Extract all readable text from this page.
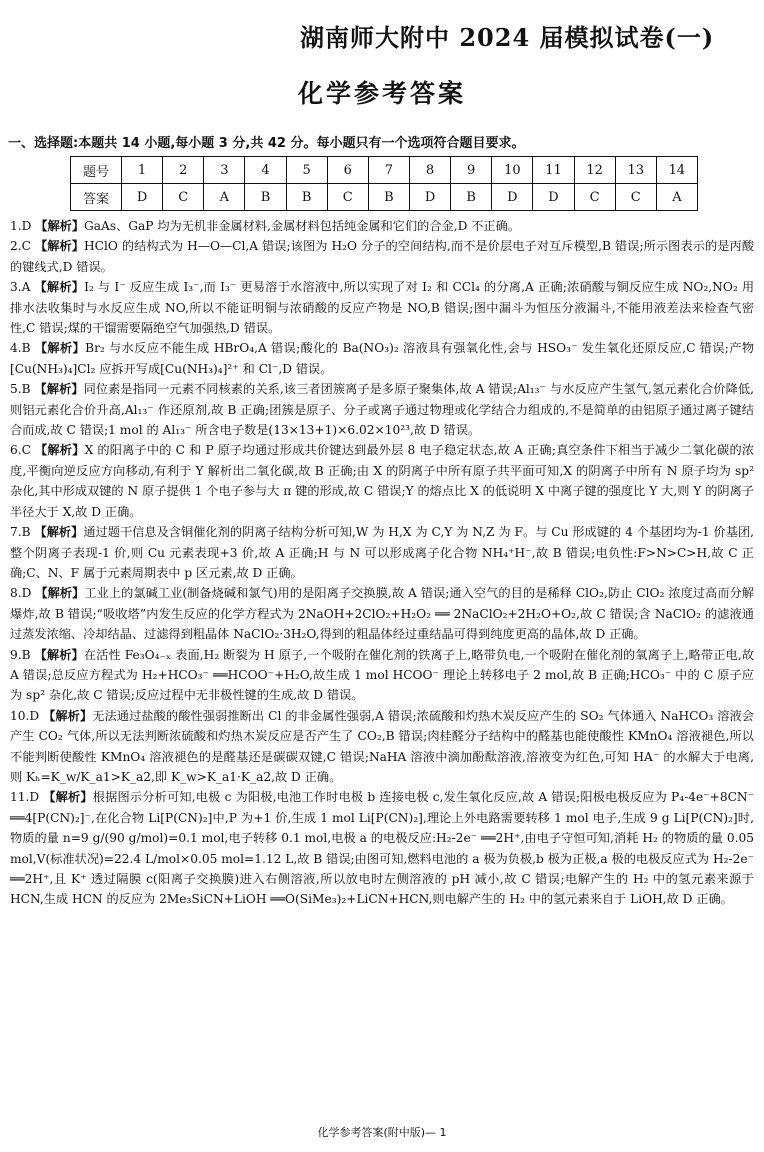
湖南师大附中 2024 届模拟试卷(一)
化学参考答案
一、选择题:本题共 14 小题,每小题 3 分,共 42 分。每小题只有一个选项符合题目要求。
题号	1	2	3	4	5	6	7	8	9	10	11	12	13	14
答案	D	C	A	B	B	C	B	D	B	D	D	C	C	A
1.D 【解析】GaAs、GaP 均为无机非金属材料,金属材料包括纯金属和它们的合金,D 不正确。
2.C 【解析】HClO 的结构式为 H—O—Cl,A 错误;该图为 H₂O 分子的空间结构,而不是价层电子对互斥模型,B 错误;所示图表示的是丙酸的键线式,D 错误。
3.A 【解析】I₂ 与 I⁻ 反应生成 I₃⁻,而 I₃⁻ 更易溶于水溶液中,所以实现了对 I₂ 和 CCl₄ 的分离,A 正确;浓硝酸与铜反应生成 NO₂,NO₂ 用排水法收集时与水反应生成 NO,所以不能证明铜与浓硝酸的反应产物是 NO,B 错误;图中漏斗为恒压分液漏斗,不能用液差法来检查气密性,C 错误;煤的干馏需要隔绝空气加强热,D 错误。
4.B 【解析】Br₂ 与水反应不能生成 HBrO₄,A 错误;酸化的 Ba(NO₃)₂ 溶液具有强氧化性,会与 HSO₃⁻ 发生氧化还原反应,C 错误;产物[Cu(NH₃)₄]Cl₂ 应拆开写成[Cu(NH₃)₄]²⁺ 和 Cl⁻,D 错误。
5.B 【解析】同位素是指同一元素不同核素的关系,该三者团簇离子是多原子聚集体,故 A 错误;Al₁₃⁻ 与水反应产生氢气,氢元素化合价降低,则铝元素化合价升高,Al₁₃⁻ 作还原剂,故 B 正确;团簇是原子、分子或离子通过物理或化学结合力组成的,不是简单的由铝原子通过离子键结合而成,故 C 错误;1 mol 的 Al₁₃⁻ 所含电子数是(13×13+1)×6.02×10²³,故 D 错误。
6.C 【解析】X 的阳离子中的 C 和 P 原子均通过形成共价键达到最外层 8 电子稳定状态,故 A 正确;真空条件下相当于减少二氧化碳的浓度,平衡向逆反应方向移动,有利于 Y 解析出二氧化碳,故 B 正确;由 X 的阴离子中所有原子共平面可知,X 的阴离子中所有 N 原子均为 sp² 杂化,其中形成双键的 N 原子提供 1 个电子参与大 π 键的形成,故 C 错误;Y 的熔点比 X 的低说明 X 中离子键的强度比 Y 大,则 Y 的阴离子半径大于 X,故 D 正确。
7.B 【解析】通过题干信息及含铜催化剂的阴离子结构分析可知,W 为 H,X 为 C,Y 为 N,Z 为 F。与 Cu 形成键的 4 个基团均为-1 价基团,整个阴离子表现-1 价,则 Cu 元素表现+3 价,故 A 正确;H 与 N 可以形成离子化合物 NH₄⁺H⁻,故 B 错误;电负性:F>N>C>H,故 C 正确;C、N、F 属于元素周期表中 p 区元素,故 D 正确。
8.D 【解析】工业上的氯碱工业(制备烧碱和氯气)用的是阳离子交换膜,故 A 错误;通入空气的目的是稀释 ClO₂,防止 ClO₂ 浓度过高而分解爆炸,故 B 错误;“吸收塔”内发生反应的化学方程式为 2NaOH+2ClO₂+H₂O₂ ══ 2NaClO₂+2H₂O+O₂,故 C 错误;含 NaClO₂ 的滤液通过蒸发浓缩、冷却结晶、过滤得到粗晶体 NaClO₂·3H₂O,得到的粗晶体经过重结晶可得到纯度更高的晶体,故 D 正确。
9.B 【解析】在活性 Fe₃O₄₋ₓ 表面,H₂ 断裂为 H 原子,一个吸附在催化剂的铁离子上,略带负电,一个吸附在催化剂的氧离子上,略带正电,故 A 错误;总反应方程式为 H₂+HCO₃⁻ ══HCOO⁻+H₂O,故生成 1 mol HCOO⁻ 理论上转移电子 2 mol,故 B 正确;HCO₃⁻ 中的 C 原子应为 sp² 杂化,故 C 错误;反应过程中无非极性键的生成,故 D 错误。
10.D 【解析】无法通过盐酸的酸性强弱推断出 Cl 的非金属性强弱,A 错误;浓硫酸和灼热木炭反应产生的 SO₂ 气体通入 NaHCO₃ 溶液会产生 CO₂ 气体,所以无法判断浓硫酸和灼热木炭反应是否产生了 CO₂,B 错误;肉桂醛分子结构中的醛基也能使酸性 KMnO₄ 溶液褪色,所以不能判断使酸性 KMnO₄ 溶液褪色的是醛基还是碳碳双键,C 错误;NaHA 溶液中滴加酚酞溶液,溶液变为红色,可知 HA⁻ 的水解大于电离,则 Kₕ=K_w/K_a1>K_a2,即 K_w>K_a1·K_a2,故 D 正确。
11.D 【解析】根据图示分析可知,电极 c 为阳极,电池工作时电极 b 连接电极 c,发生氧化反应,故 A 错误;阳极电极反应为 P₄-4e⁻+8CN⁻ ══4[P(CN)₂]⁻,在化合物 Li[P(CN)₂]中,P 为+1 价,生成 1 mol Li[P(CN)₂],理论上外电路需要转移 1 mol 电子,生成 9 g Li[P(CN)₂]时,物质的量 n=9 g/(90 g/mol)=0.1 mol,电子转移 0.1 mol,电极 a 的电极反应:H₂-2e⁻ ══2H⁺,由电子守恒可知,消耗 H₂ 的物质的量 0.05 mol,V(标准状况)=22.4 L/mol×0.05 mol=1.12 L,故 B 错误;由图可知,燃料电池的 a 极为负极,b 极为正极,a 极的电极反应式为 H₂-2e⁻ ══2H⁺,且 K⁺ 透过隔膜 c(阳离子交换膜)进入右侧溶液,所以放电时左侧溶液的 pH 减小,故 C 错误;电解产生的 H₂ 中的氢元素来源于 HCN,生成 HCN 的反应为 2Me₃SiCN+LiOH ══O(SiMe₃)₂+LiCN+HCN,则电解产生的 H₂ 中的氢元素来自于 LiOH,故 D 正确。
化学参考答案(附中版)— 1
